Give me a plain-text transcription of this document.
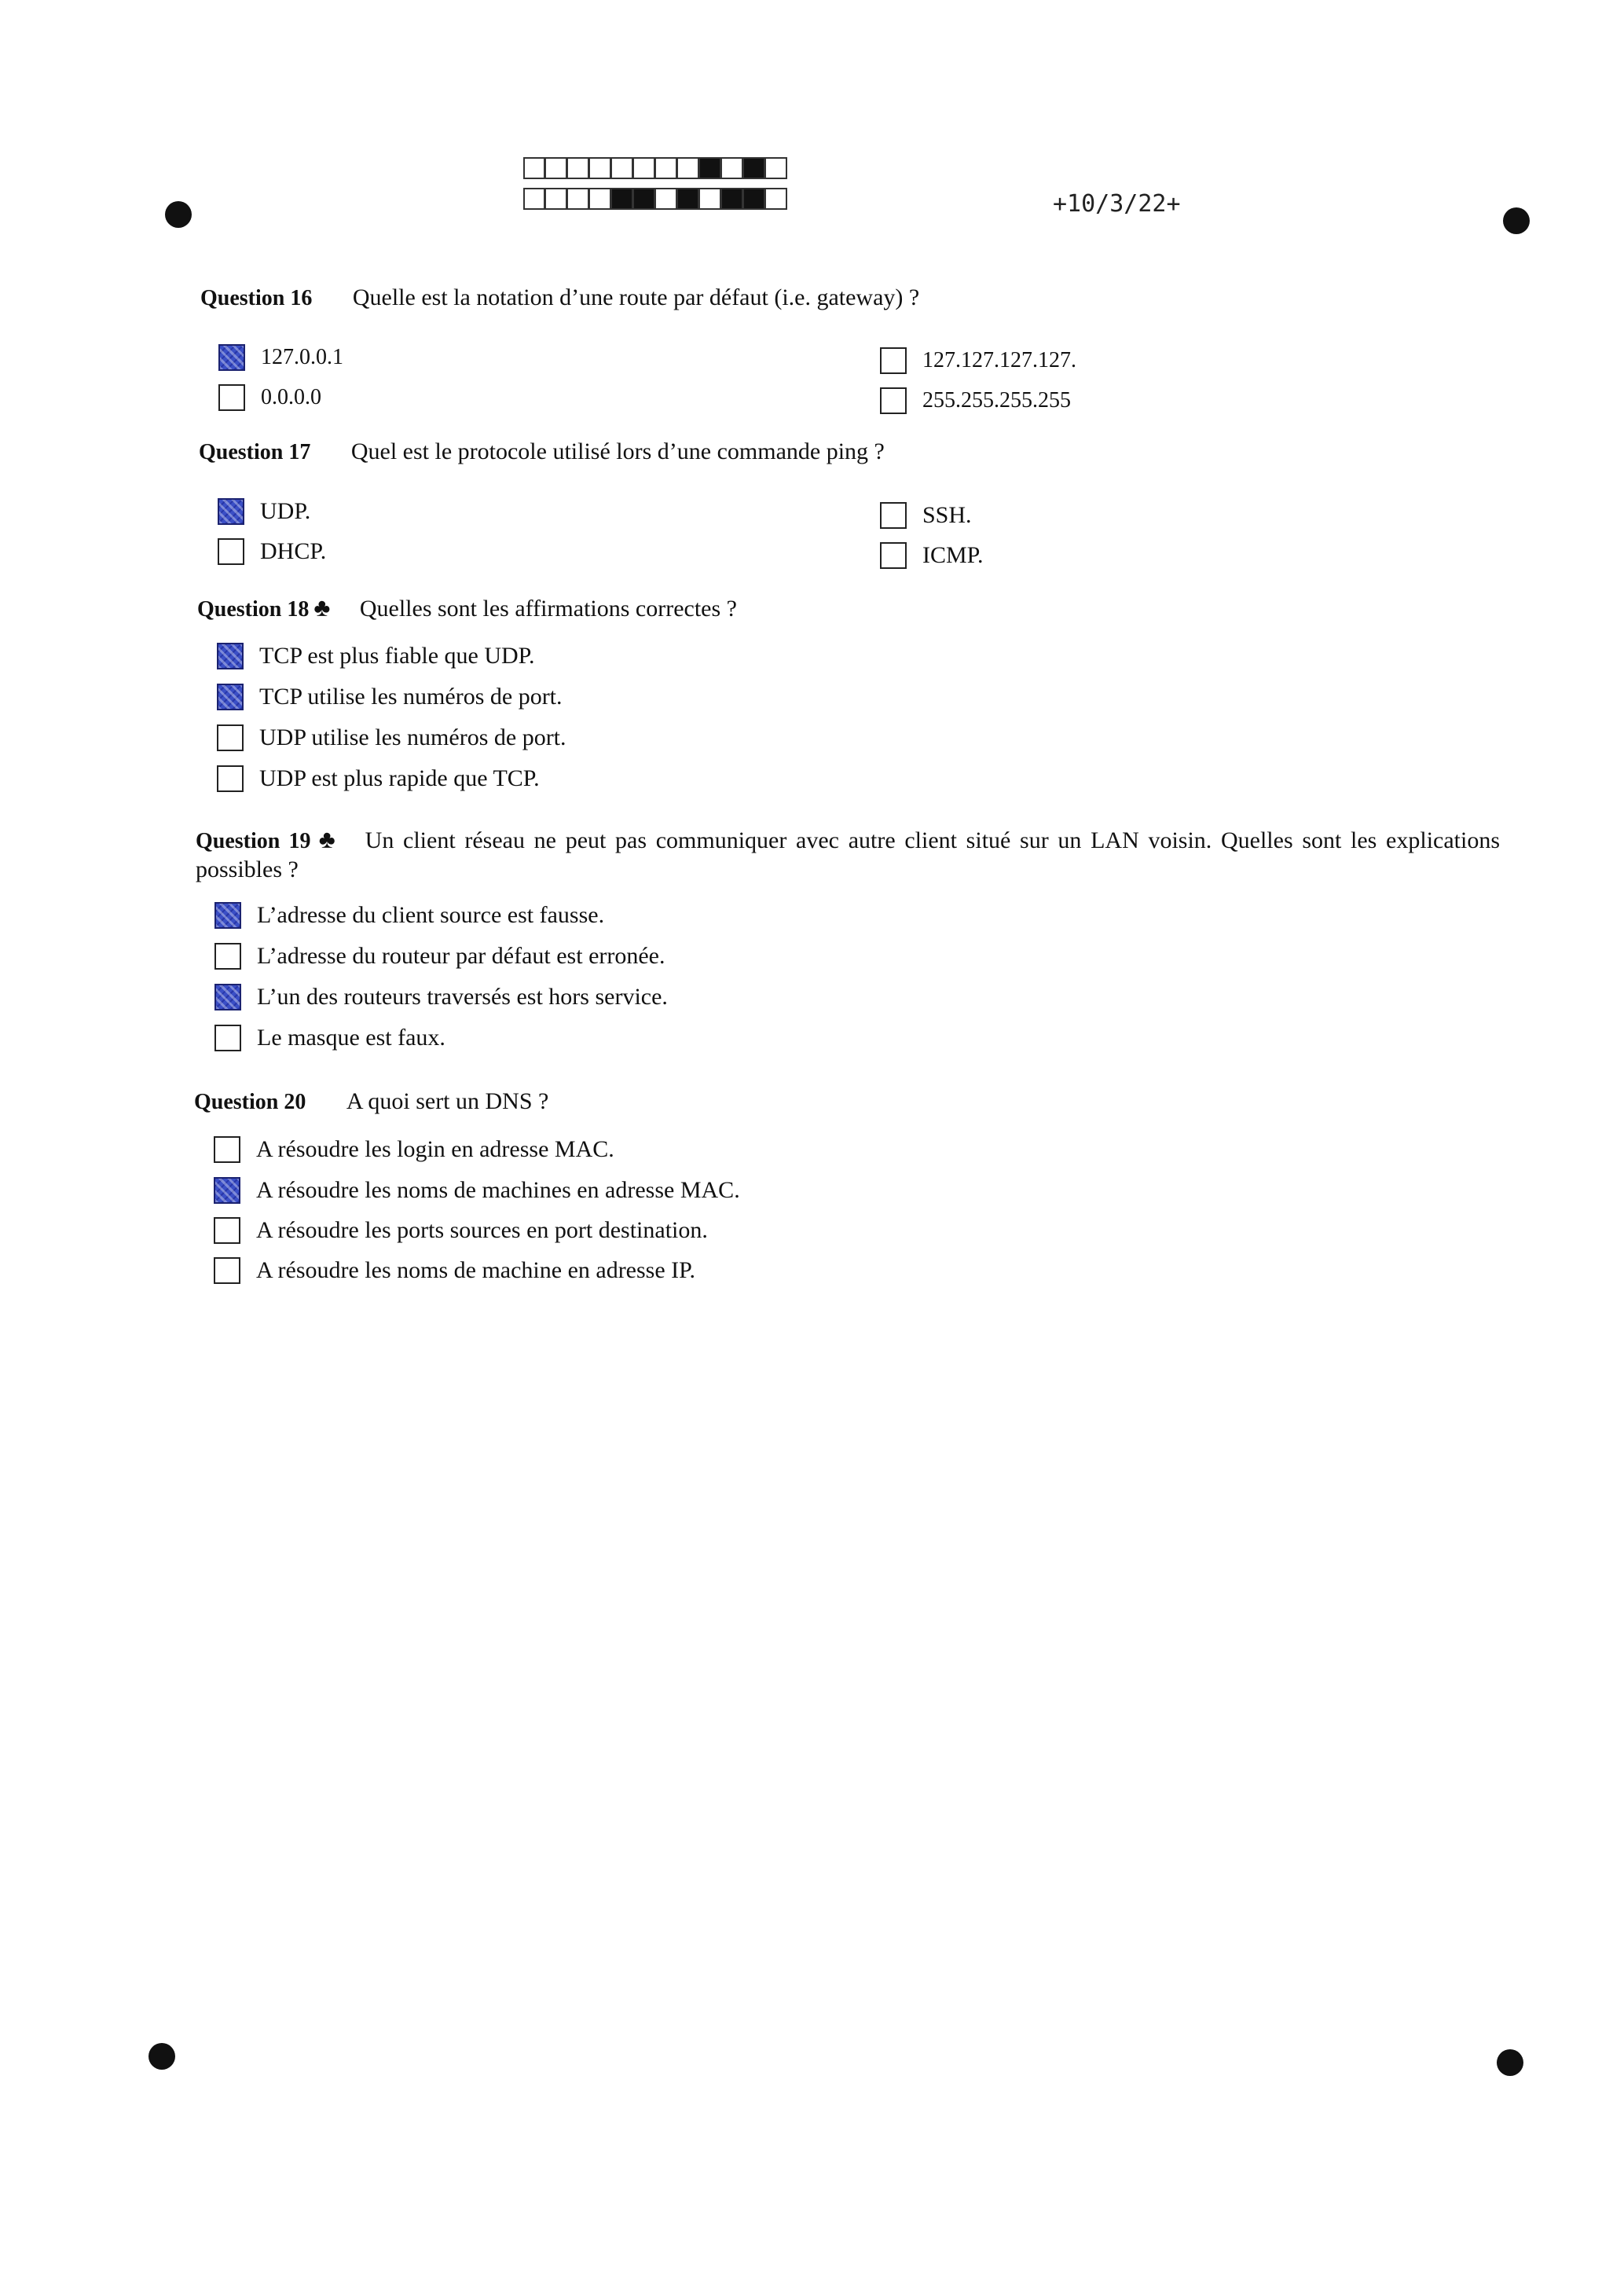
+10/3/22+
Question 16 Quelle est la notation d’une route par défaut (i.e. gateway) ?
127.0.0.1
0.0.0.0
127.127.127.127.
255.255.255.255
Question 17 Quel est le protocole utilisé lors d’une commande ping ?
UDP.
DHCP.
SSH.
ICMP.
Question 18 ♣ Quelles sont les affirmations correctes ?
TCP est plus fiable que UDP.
TCP utilise les numéros de port.
UDP utilise les numéros de port.
UDP est plus rapide que TCP.
Question 19 ♣ Un client réseau ne peut pas communiquer avec autre client situé sur un LAN voisin. Quelles sont les explications possibles ?
L’adresse du client source est fausse.
L’adresse du routeur par défaut est erronée.
L’un des routeurs traversés est hors service.
Le masque est faux.
Question 20 A quoi sert un DNS ?
A résoudre les login en adresse MAC.
A résoudre les noms de machines en adresse MAC.
A résoudre les ports sources en port destination.
A résoudre les noms de machine en adresse IP.
